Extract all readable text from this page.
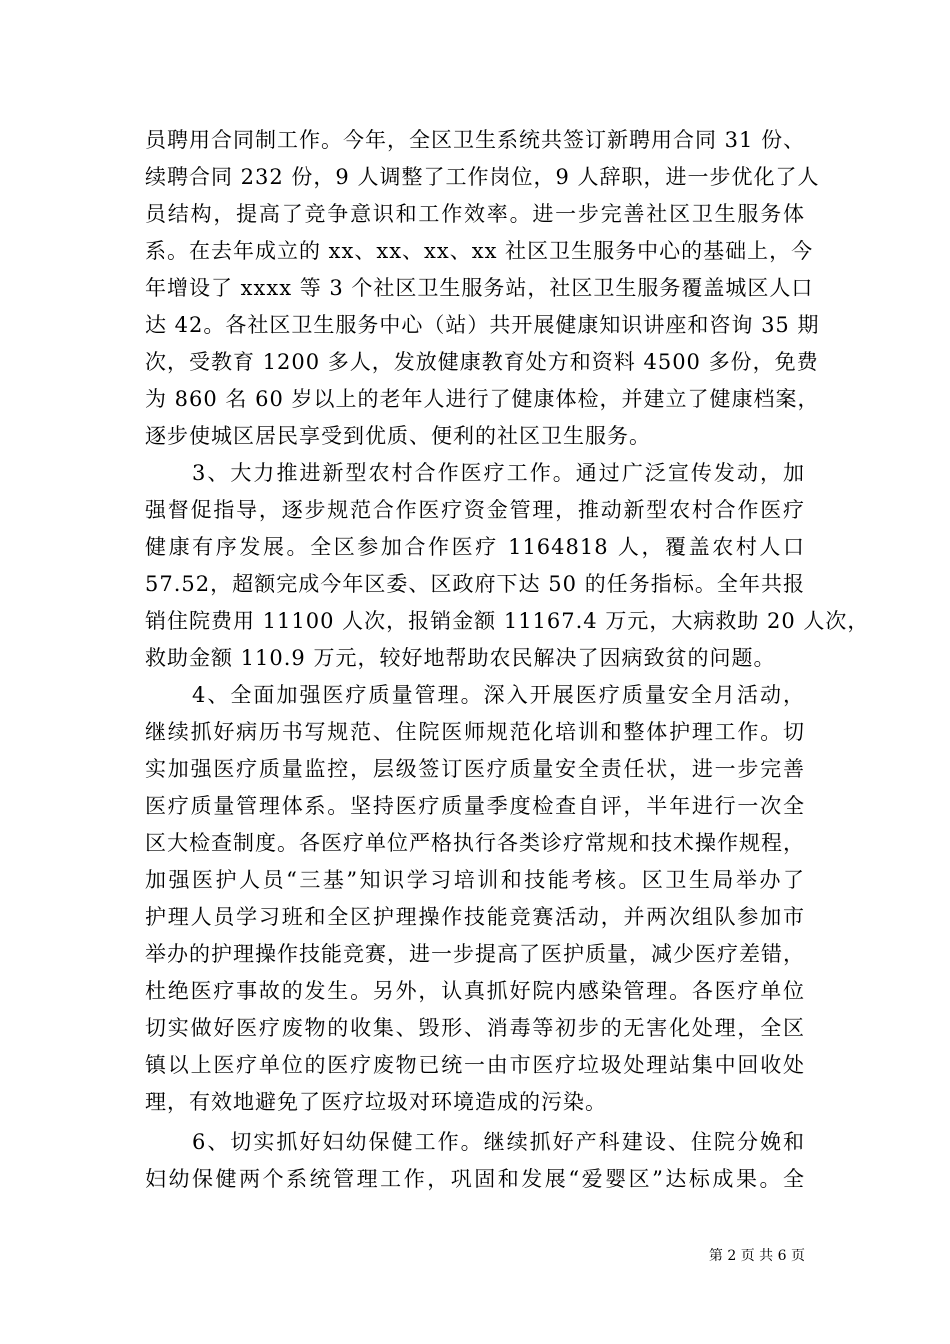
员聘用合同制工作。今年，全区卫生系统共签订新聘用合同 31 份、
续聘合同 232 份，9 人调整了工作岗位，9 人辞职，进一步优化了人
员结构，提高了竞争意识和工作效率。进一步完善社区卫生服务体
系。在去年成立的 xx、xx、xx、xx 社区卫生服务中心的基础上，今
年增设了 xxxx 等 3 个社区卫生服务站，社区卫生服务覆盖城区人口
达 42。各社区卫生服务中心（站）共开展健康知识讲座和咨询 35 期
次，受教育 1200 多人，发放健康教育处方和资料 4500 多份，免费
为 860 名 60 岁以上的老年人进行了健康体检，并建立了健康档案，
逐步使城区居民享受到优质、便利的社区卫生服务。
3、大力推进新型农村合作医疗工作。通过广泛宣传发动，加
强督促指导，逐步规范合作医疗资金管理，推动新型农村合作医疗
健康有序发展。全区参加合作医疗 1164818 人，覆盖农村人口
57.52，超额完成今年区委、区政府下达 50 的任务指标。全年共报
销住院费用 11100 人次，报销金额 11167.4 万元，大病救助 20 人次，
救助金额 110.9 万元，较好地帮助农民解决了因病致贫的问题。
4、全面加强医疗质量管理。深入开展医疗质量安全月活动，
继续抓好病历书写规范、住院医师规范化培训和整体护理工作。切
实加强医疗质量监控，层级签订医疗质量安全责任状，进一步完善
医疗质量管理体系。坚持医疗质量季度检查自评，半年进行一次全
区大检查制度。各医疗单位严格执行各类诊疗常规和技术操作规程，
加强医护人员“三基”知识学习培训和技能考核。区卫生局举办了
护理人员学习班和全区护理操作技能竞赛活动，并两次组队参加市
举办的护理操作技能竞赛，进一步提高了医护质量，减少医疗差错，
杜绝医疗事故的发生。另外，认真抓好院内感染管理。各医疗单位
切实做好医疗废物的收集、毁形、消毒等初步的无害化处理，全区
镇以上医疗单位的医疗废物已统一由市医疗垃圾处理站集中回收处
理，有效地避免了医疗垃圾对环境造成的污染。
6、切实抓好妇幼保健工作。继续抓好产科建设、住院分娩和
妇幼保健两个系统管理工作，巩固和发展“爱婴区”达标成果。全
第 2 页 共 6 页
